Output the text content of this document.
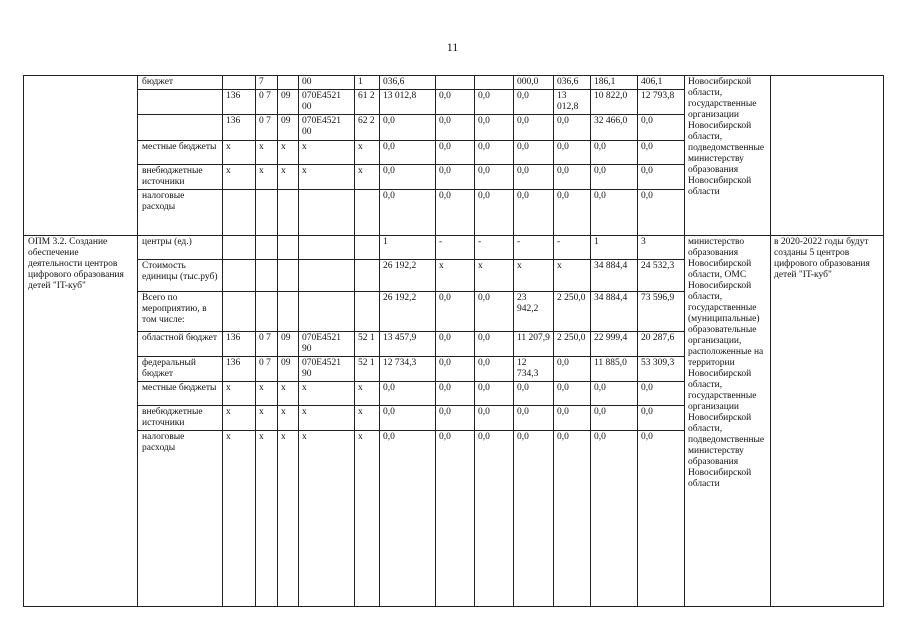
11
	бюджет		7		00	1	036,6			000,0	036,6	186,1	406,1	Новосибирской области, государственные организации Новосибирской области, подведомственные министерству образования Новосибирской области	
		136	0 7	09	070E4521 00	61 2	13 012,8	0,0	0,0	0,0	13 012,8	10 822,0	12 793,8		
		136	0 7	09	070E4521 00	62 2	0,0	0,0	0,0	0,0	0,0	32 466,0	0,0		
	местные бюджеты	x	x	x	x	x	0,0	0,0	0,0	0,0	0,0	0,0	0,0		
	внебюджетные источники	x	x	x	x	x	0,0	0,0	0,0	0,0	0,0	0,0	0,0		
	налоговые расходы						0,0	0,0	0,0	0,0	0,0	0,0	0,0		
ОПМ 3.2. Создание обеспечение деятельности центров цифрового образования детей "IT-куб"	центры (ед.)						1	-	-	-	-	1	3	министерство образования Новосибирской области, ОМС Новосибирской области, государственные (муниципальные) образовательные организации, расположенные на территории Новосибирской области, государственные организации Новосибирской области, подведомственные министерству образования Новосибирской области	в 2020-2022 годы будут созданы 5 центров цифрового образования детей "IT-куб"
	Стоимость единицы (тыс.руб)						26 192,2	x	x	x	x	34 884,4	24 532,3		
	Всего по мероприятию, в том числе:						26 192,2	0,0	0,0	23 942,2	2 250,0	34 884,4	73 596,9		
	областной бюджет	136	0 7	09	070E4521 90	52 1	13 457,9	0,0	0,0	11 207,9	2 250,0	22 999,4	20 287,6		
	федеральный бюджет	136	0 7	09	070E4521 90	52 1	12 734,3	0,0	0,0	12 734,3	0,0	11 885,0	53 309,3		
	местные бюджеты	x	x	x	x	x	0,0	0,0	0,0	0,0	0,0	0,0	0,0		
	внебюджетные источники	x	x	x	x	x	0,0	0,0	0,0	0,0	0,0	0,0	0,0		
	налоговые расходы	x	x	x	x	x	0,0	0,0	0,0	0,0	0,0	0,0	0,0		
